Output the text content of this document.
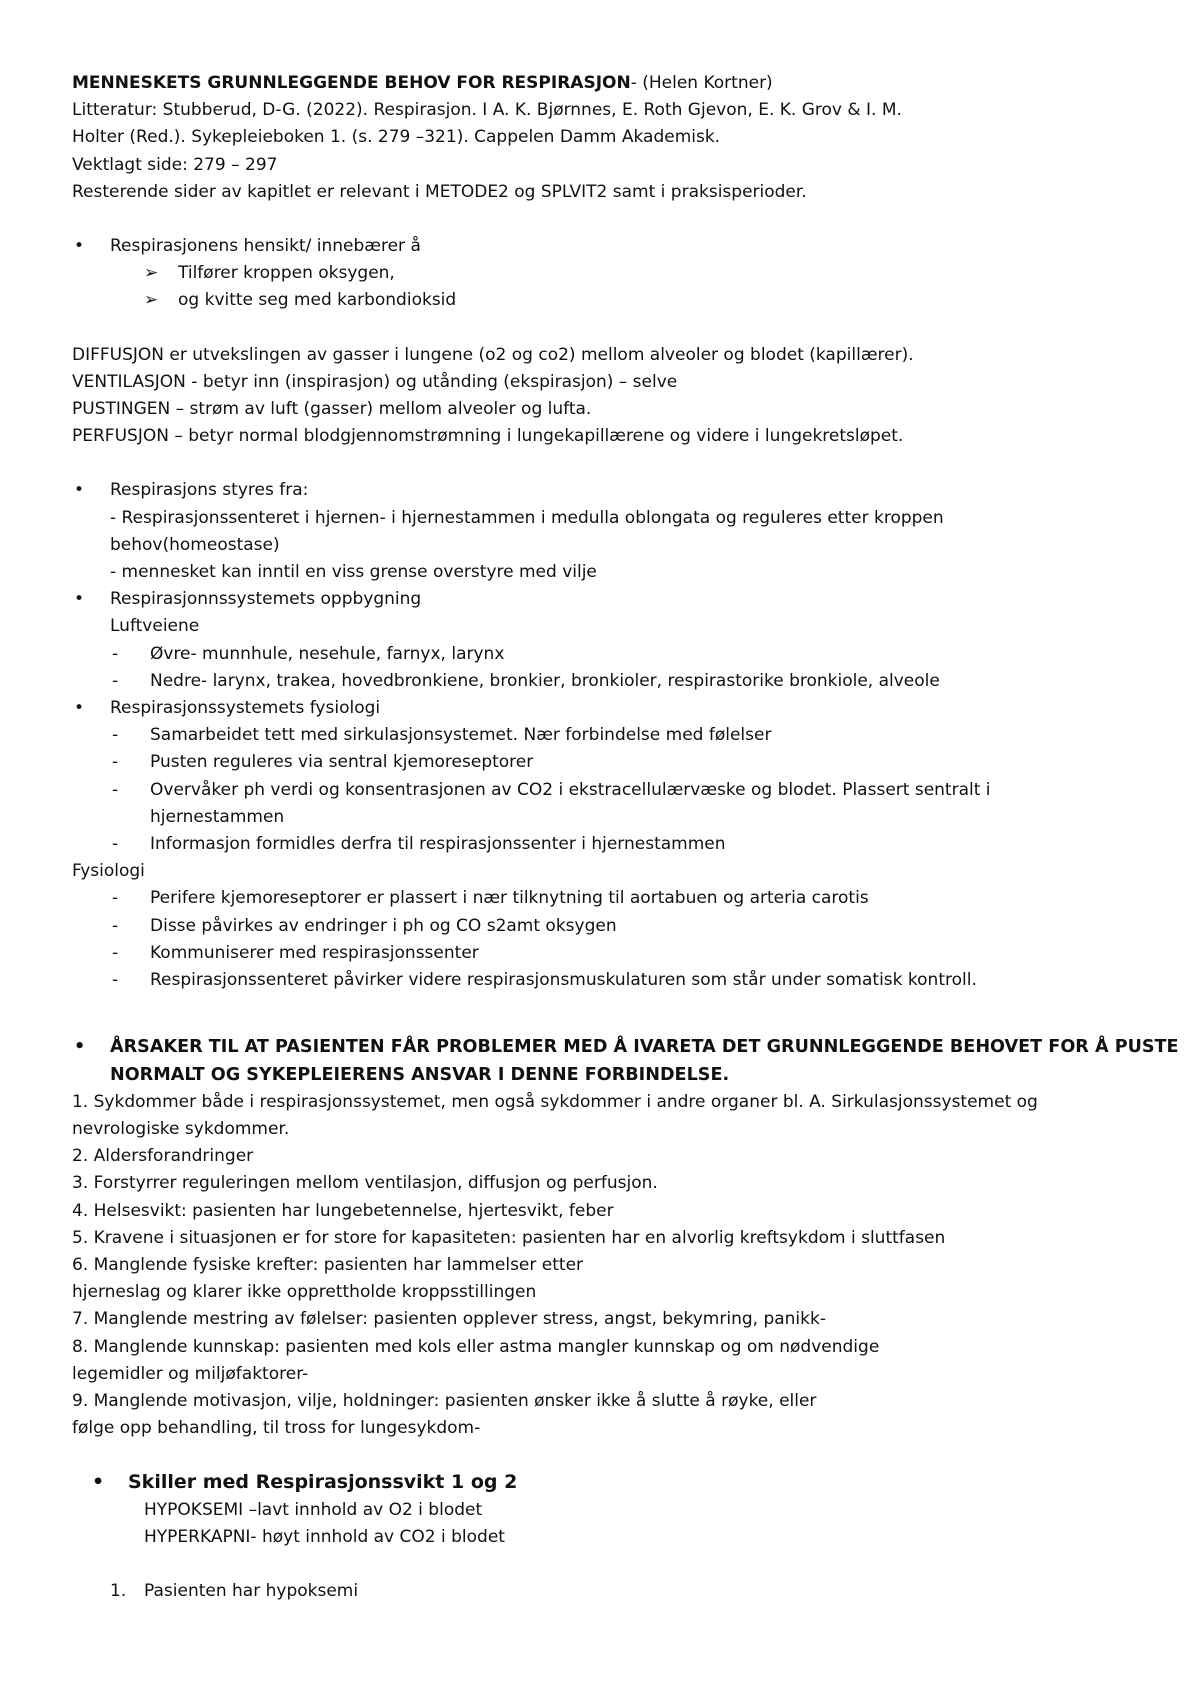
MENNESKETS GRUNNLEGGENDE BEHOV FOR RESPIRASJON- (Helen Kortner)
Litteratur: Stubberud, D-G. (2022). Respirasjon. I A. K. Bjørnnes, E. Roth Gjevon, E. K. Grov & I. M.
Holter (Red.). Sykepleieboken 1. (s. 279 –321). Cappelen Damm Akademisk.
Vektlagt side: 279 – 297
Resterende sider av kapitlet er relevant i METODE2 og SPLVIT2 samt i praksisperioder.
•	Respirasjonens hensikt/ innebærer å
➢	Tilfører kroppen oksygen,
➢	og kvitte seg med karbondioksid
DIFFUSJON er utvekslingen av gasser i lungene (o2 og co2) mellom alveoler og blodet (kapillærer).
VENTILASJON - betyr inn (inspirasjon) og utånding (ekspirasjon) – selve
PUSTINGEN – strøm av luft (gasser) mellom alveoler og lufta.
PERFUSJON – betyr normal blodgjennomstrømning i lungekapillærene og videre i lungekretsløpet.
•	Respirasjons styres fra:
- Respirasjonssenteret i hjernen- i hjernestammen i medulla oblongata og reguleres etter kroppen
behov(homeostase)
- mennesket kan inntil en viss grense overstyre med vilje
•	Respirasjonnssystemets oppbygning
Luftveiene
-	Øvre- munnhule, nesehule, farnyx, larynx
-	Nedre- larynx, trakea, hovedbronkiene, bronkier, bronkioler, respirastorike bronkiole, alveole
•	Respirasjonssystemets fysiologi
-	Samarbeidet tett med sirkulasjonsystemet. Nær forbindelse med følelser
-	Pusten reguleres via sentral kjemoreseptorer
-	Overvåker ph verdi og konsentrasjonen av CO2 i ekstracellulærvæske og blodet. Plassert sentralt i
hjernestammen
-	Informasjon formidles derfra til respirasjonssenter i hjernestammen
Fysiologi
-	Perifere kjemoreseptorer er plassert i nær tilknytning til aortabuen og arteria carotis
-	Disse påvirkes av endringer i ph og CO s2amt oksygen
-	Kommuniserer med respirasjonssenter
-	Respirasjonssenteret påvirker videre respirasjonsmuskulaturen som står under somatisk kontroll.
•	ÅRSAKER TIL AT PASIENTEN FÅR PROBLEMER MED Å IVARETA DET GRUNNLEGGENDE BEHOVET FOR Å PUSTE
NORMALT OG SYKEPLEIERENS ANSVAR I DENNE FORBINDELSE.
1. Sykdommer både i respirasjonssystemet, men også sykdommer i andre organer bl. A. Sirkulasjonssystemet og
nevrologiske sykdommer.
2. Aldersforandringer
3. Forstyrrer reguleringen mellom ventilasjon, diffusjon og perfusjon.
4. Helsesvikt: pasienten har lungebetennelse, hjertesvikt, feber
5. Kravene i situasjonen er for store for kapasiteten: pasienten har en alvorlig kreftsykdom i sluttfasen
6. Manglende fysiske krefter: pasienten har lammelser etter
hjerneslag og klarer ikke opprettholde kroppsstillingen
7. Manglende mestring av følelser: pasienten opplever stress, angst, bekymring, panikk-
8. Manglende kunnskap: pasienten med kols eller astma mangler kunnskap og om nødvendige
legemidler og miljøfaktorer-
9. Manglende motivasjon, vilje, holdninger: pasienten ønsker ikke å slutte å røyke, eller
følge opp behandling, til tross for lungesykdom-
•	Skiller med Respirasjonssvikt 1 og 2
HYPOKSEMI –lavt innhold av O2 i blodet
HYPERKAPNI- høyt innhold av CO2 i blodet
1.	Pasienten har hypoksemi
